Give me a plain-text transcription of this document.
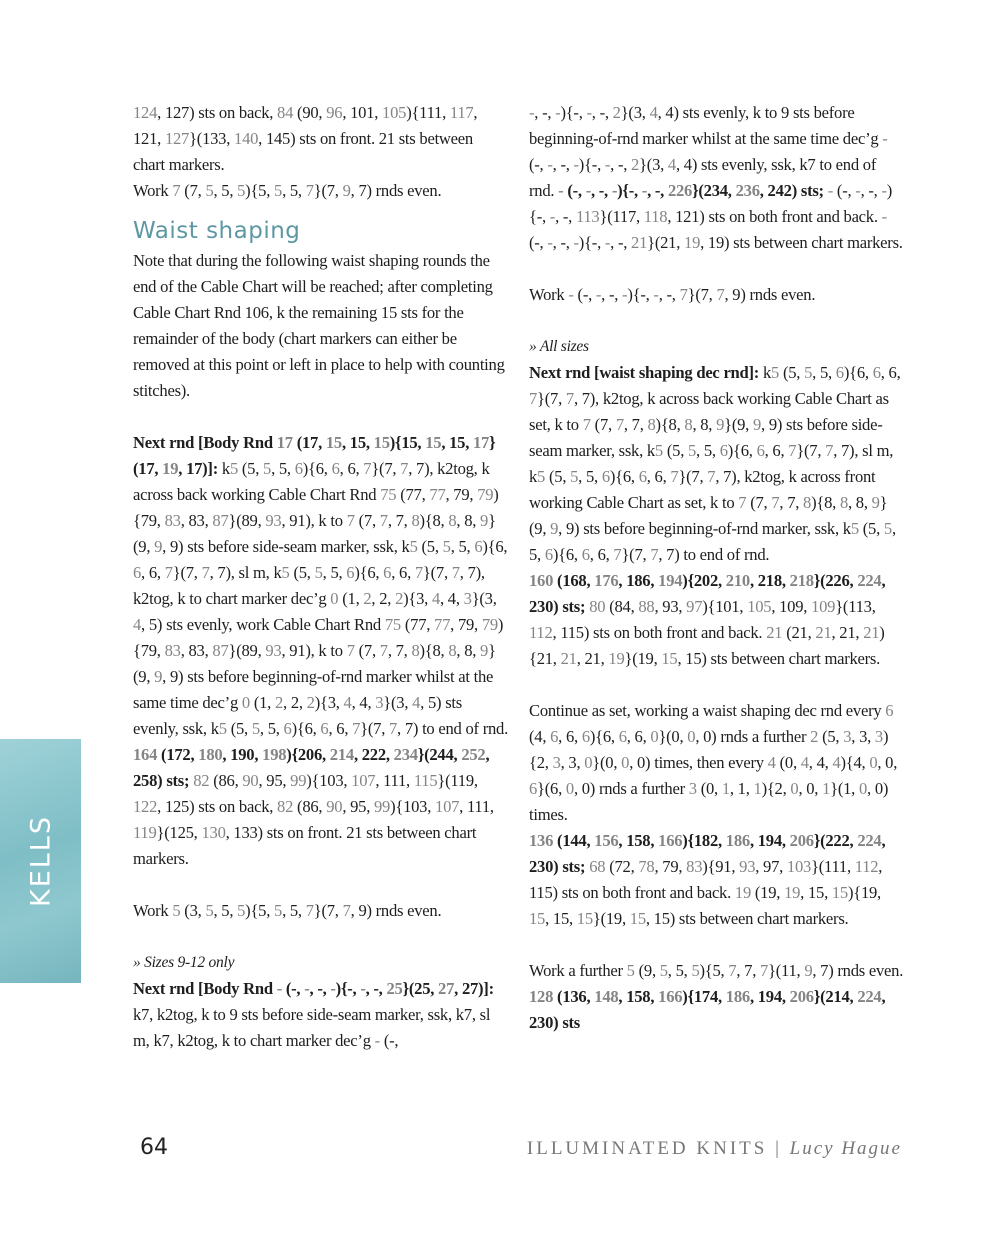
124, 127) sts on back, 84 (90, 96, 101, 105){111, 117, 121, 127}(133, 140, 145) sts on front. 21 sts between chart markers.

Work 7 (7, 5, 5, 5){5, 5, 5, 7}(7, 9, 7) rnds even.

Waist shaping

Note that during the following waist shaping rounds the end of the Cable Chart will be reached; after completing Cable Chart Rnd 106, k the remaining 15 sts for the remainder of the body (chart markers can either be removed at this point or left in place to help with counting stitches).

Next rnd [Body Rnd 17 (17, 15, 15, 15){15, 15, 15, 17}(17, 19, 17)]: k5 (5, 5, 5, 6){6, 6, 6, 7}(7, 7, 7), k2tog, k across back working Cable Chart Rnd 75 (77, 77, 79, 79){79, 83, 83, 87}(89, 93, 91), k to 7 (7, 7, 7, 8){8, 8, 8, 9}(9, 9, 9) sts before side-seam marker, ssk, k5 (5, 5, 5, 6){6, 6, 6, 7}(7, 7, 7), sl m, k5 (5, 5, 5, 6){6, 6, 6, 7}(7, 7, 7), k2tog, k to chart marker dec’g 0 (1, 2, 2, 2){3, 4, 4, 3}(3, 4, 5) sts evenly, work Cable Chart Rnd 75 (77, 77, 79, 79){79, 83, 83, 87}(89, 93, 91), k to 7 (7, 7, 7, 8){8, 8, 8, 9}(9, 9, 9) sts before beginning-of-rnd marker whilst at the same time dec’g 0 (1, 2, 2, 2){3, 4, 4, 3}(3, 4, 5) sts evenly, ssk, k5 (5, 5, 5, 6){6, 6, 6, 7}(7, 7, 7) to end of rnd.

164 (172, 180, 190, 198){206, 214, 222, 234}(244, 252, 258) sts; 82 (86, 90, 95, 99){103, 107, 111, 115}(119, 122, 125) sts on back, 82 (86, 90, 95, 99){103, 107, 111, 119}(125, 130, 133) sts on front. 21 sts between chart markers.

Work 5 (3, 5, 5, 5){5, 5, 5, 7}(7, 7, 9) rnds even.

» Sizes 9-12 only

Next rnd [Body Rnd - (-, -, -, -){-, -, -, 25}(25, 27, 27)]: k7, k2tog, k to 9 sts before side-seam marker, ssk, k7, sl m, k7, k2tog, k to chart marker dec’g - (-,

-, -, -){-, -, -, 2}(3, 4, 4) sts evenly, k to 9 sts before beginning-of-rnd marker whilst at the same time dec’g - (-, -, -, -){-, -, -, 2}(3, 4, 4) sts evenly, ssk, k7 to end of rnd. - (-, -, -, -){-, -, -, 226}(234, 236, 242) sts; - (-, -, -, -){-, -, -, 113}(117, 118, 121) sts on both front and back. - (-, -, -, -){-, -, -, 21}(21, 19, 19) sts between chart markers.

Work - (-, -, -, -){-, -, -, 7}(7, 7, 9) rnds even.

» All sizes

Next rnd [waist shaping dec rnd]: k5 (5, 5, 5, 6){6, 6, 6, 7}(7, 7, 7), k2tog, k across back working Cable Chart as set, k to 7 (7, 7, 7, 8){8, 8, 8, 9}(9, 9, 9) sts before side-seam marker, ssk, k5 (5, 5, 5, 6){6, 6, 6, 7}(7, 7, 7), sl m, k5 (5, 5, 5, 6){6, 6, 6, 7}(7, 7, 7), k2tog, k across front working Cable Chart as set, k to 7 (7, 7, 7, 8){8, 8, 8, 9}(9, 9, 9) sts before beginning-of-rnd marker, ssk, k5 (5, 5, 5, 6){6, 6, 6, 7}(7, 7, 7) to end of rnd.

160 (168, 176, 186, 194){202, 210, 218, 218}(226, 224, 230) sts; 80 (84, 88, 93, 97){101, 105, 109, 109}(113, 112, 115) sts on both front and back. 21 (21, 21, 21, 21){21, 21, 21, 19}(19, 15, 15) sts between chart markers.

Continue as set, working a waist shaping dec rnd every 6 (4, 6, 6, 6){6, 6, 6, 0}(0, 0, 0) rnds a further 2 (5, 3, 3, 3){2, 3, 3, 0}(0, 0, 0) times, then every 4 (0, 4, 4, 4){4, 0, 0, 6}(6, 0, 0) rnds a further 3 (0, 1, 1, 1){2, 0, 0, 1}(1, 0, 0) times.

136 (144, 156, 158, 166){182, 186, 194, 206}(222, 224, 230) sts; 68 (72, 78, 79, 83){91, 93, 97, 103}(111, 112, 115) sts on both front and back. 19 (19, 19, 15, 15){19, 15, 15, 15}(19, 15, 15) sts between chart markers.

Work a further 5 (9, 5, 5, 5){5, 7, 7, 7}(11, 9, 7) rnds even. 128 (136, 148, 158, 166){174, 186, 194, 206}(214, 224, 230) sts

KELLS
64	ILLUMINATED KNITS | Lucy Hague
